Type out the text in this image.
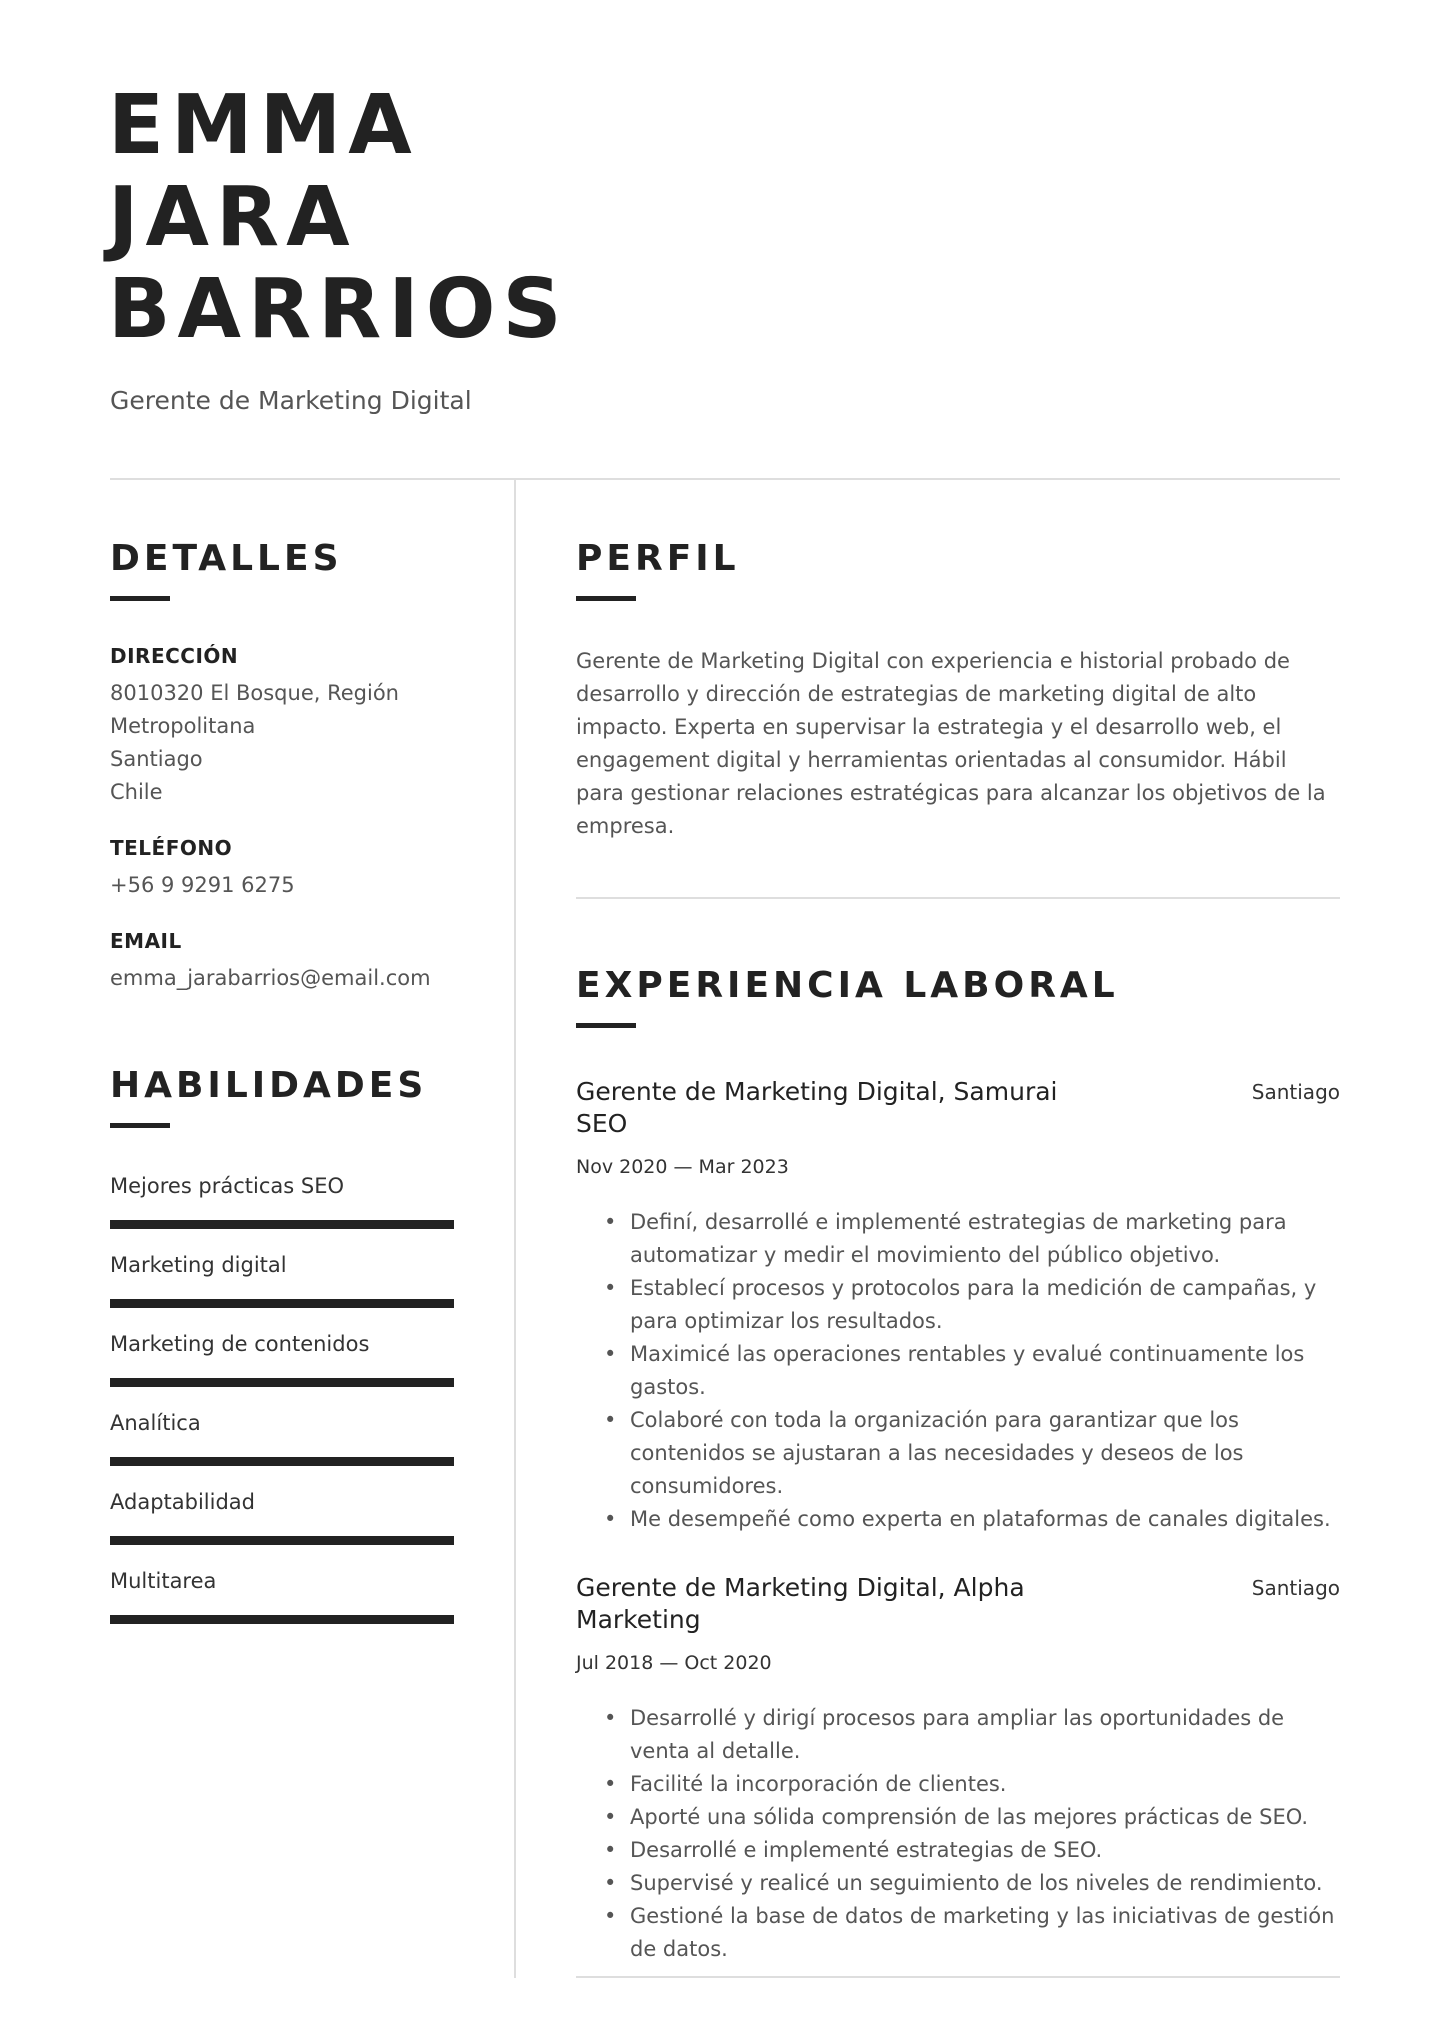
EMMA
JARA
BARRIOS
Gerente de Marketing Digital
DETALLES

DIRECCIÓN

8010320 El Bosque, Región

Metropolitana

Santiago

Chile

TELÉFONO

+56 9 9291 6275

EMAIL

emma_jarabarrios@email.com

HABILIDADES
Mejores prácticas SEO
Marketing digital
Marketing de contenidos
Analítica
Adaptabilidad
Multitarea
PERFIL

Gerente de Marketing Digital con experiencia e historial probado de desarrollo y dirección de estrategias de marketing digital de alto impacto. Experta en supervisar la estrategia y el desarrollo web, el engagement digital y herramientas orientadas al consumidor. Hábil para gestionar relaciones estratégicas para alcanzar los objetivos de la empresa.

EXPERIENCIA LABORAL
Gerente de Marketing Digital, Samurai SEO
Santiago
Nov 2020 — Mar 2023
• Definí, desarrollé e implementé estrategias de marketing para automatizar y medir el movimiento del público objetivo.
• Establecí procesos y protocolos para la medición de campañas, y para optimizar los resultados.
• Maximicé las operaciones rentables y evalué continuamente los gastos.
• Colaboré con toda la organización para garantizar que los contenidos se ajustaran a las necesidades y deseos de los consumidores.
• Me desempeñé como experta en plataformas de canales digitales.
Gerente de Marketing Digital, Alpha Marketing
Santiago
Jul 2018 — Oct 2020
• Desarrollé y dirigí procesos para ampliar las oportunidades de venta al detalle.
• Facilité la incorporación de clientes.
• Aporté una sólida comprensión de las mejores prácticas de SEO.
• Desarrollé e implementé estrategias de SEO.
• Supervisé y realicé un seguimiento de los niveles de rendimiento.
• Gestioné la base de datos de marketing y las iniciativas de gestión de datos.
